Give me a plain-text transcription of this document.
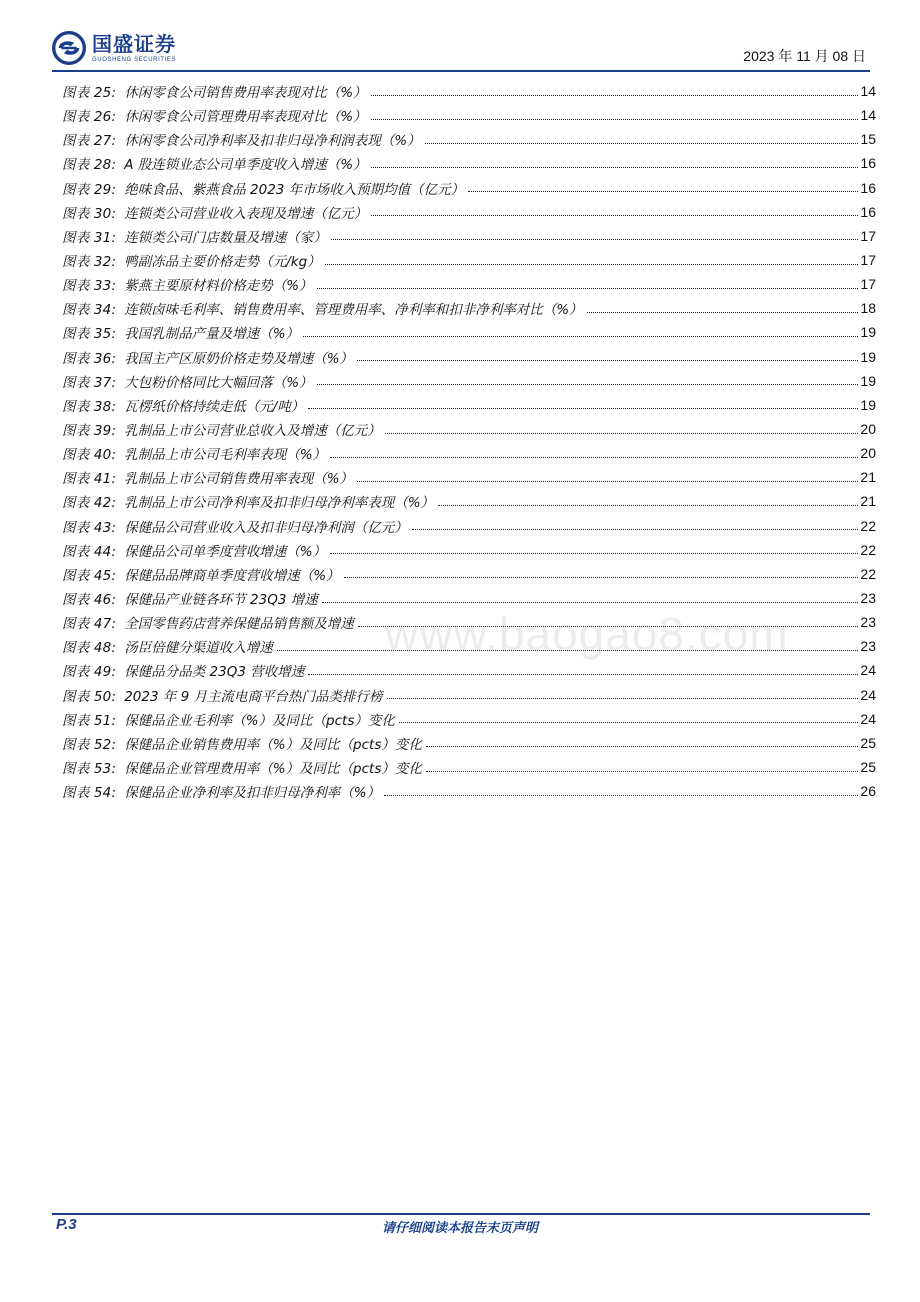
国盛证券
GUOSHENG SECURITIES	2023 年 11 月 08 日
图表 25: 休闲零食公司销售费用率表现对比（%）	14
图表 26: 休闲零食公司管理费用率表现对比（%）	14
图表 27: 休闲零食公司净利率及扣非归母净利润表现（%）	15
图表 28: A 股连锁业态公司单季度收入增速（%）	16
图表 29: 绝味食品、紫燕食品 2023 年市场收入预期均值（亿元）	16
图表 30: 连锁类公司营业收入表现及增速（亿元）	16
图表 31: 连锁类公司门店数量及增速（家）	17
图表 32: 鸭副冻品主要价格走势（元/kg）	17
图表 33: 紫燕主要原材料价格走势（%）	17
图表 34: 连锁卤味毛利率、销售费用率、管理费用率、净利率和扣非净利率对比（%）	18
图表 35: 我国乳制品产量及增速（%）	19
图表 36: 我国主产区原奶价格走势及增速（%）	19
图表 37: 大包粉价格同比大幅回落（%）	19
图表 38: 瓦楞纸价格持续走低（元/吨）	19
图表 39: 乳制品上市公司营业总收入及增速（亿元）	20
图表 40: 乳制品上市公司毛利率表现（%）	20
图表 41: 乳制品上市公司销售费用率表现（%）	21
图表 42: 乳制品上市公司净利率及扣非归母净利率表现（%）	21
图表 43: 保健品公司营业收入及扣非归母净利润（亿元）	22
图表 44: 保健品公司单季度营收增速（%）	22
图表 45: 保健品品牌商单季度营收增速（%）	22
图表 46: 保健品产业链各环节 23Q3 增速	23
图表 47: 全国零售药店营养保健品销售额及增速	23
图表 48: 汤臣倍健分渠道收入增速	23
图表 49: 保健品分品类 23Q3 营收增速	24
图表 50: 2023 年 9 月主流电商平台热门品类排行榜	24
图表 51: 保健品企业毛利率（%）及同比（pcts）变化	24
图表 52: 保健品企业销售费用率（%）及同比（pcts）变化	25
图表 53: 保健品企业管理费用率（%）及同比（pcts）变化	25
图表 54: 保健品企业净利率及扣非归母净利率（%）	26
www.baogao8.com
P.3	请仔细阅读本报告末页声明
